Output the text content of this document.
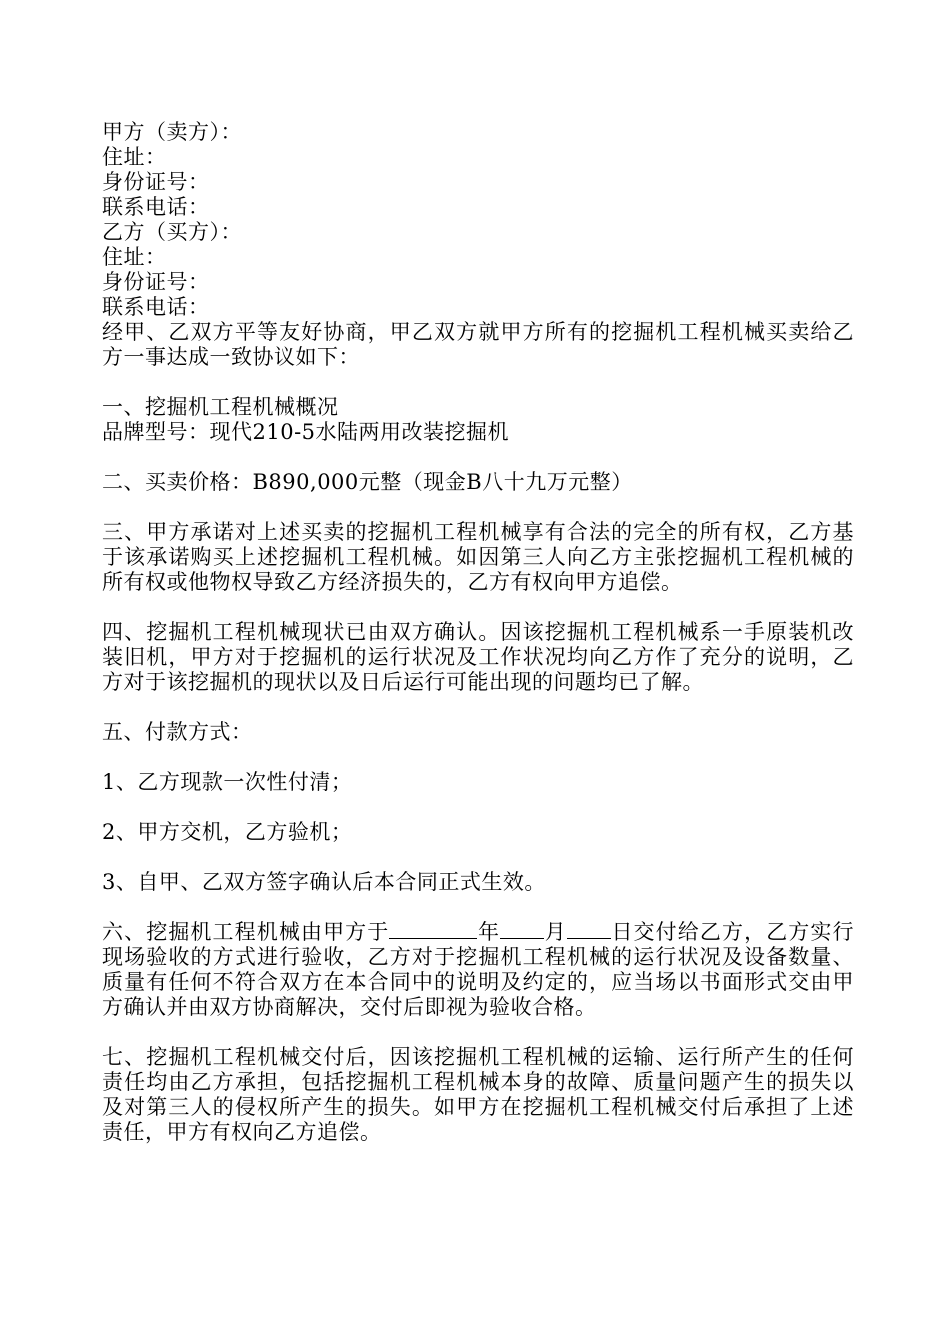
甲方（卖方）：
住址：
身份证号：
联系电话：
乙方（买方）：
住址：
身份证号：
联系电话：

经甲、乙双方平等友好协商，甲乙双方就甲方所有的挖掘机工程机械买卖给乙方一事达成一致协议如下：

一、挖掘机工程机械概况
品牌型号：现代210-5水陆两用改装挖掘机

二、买卖价格：B890,000元整（现金B八十九万元整）

三、甲方承诺对上述买卖的挖掘机工程机械享有合法的完全的所有权，乙方基于该承诺购买上述挖掘机工程机械。如因第三人向乙方主张挖掘机工程机械的所有权或他物权导致乙方经济损失的，乙方有权向甲方追偿。

四、挖掘机工程机械现状已由双方确认。因该挖掘机工程机械系一手原装机改装旧机，甲方对于挖掘机的运行状况及工作状况均向乙方作了充分的说明，乙方对于该挖掘机的现状以及日后运行可能出现的问题均已了解。

五、付款方式：
1、乙方现款一次性付清；
2、甲方交机，乙方验机；
3、自甲、乙双方签字确认后本合同正式生效。

六、挖掘机工程机械由甲方于	年 月 日交付给乙方，乙方实行现场验收的方式进行验收，乙方对于挖掘机工程机械的运行状况及设备数量、质量有任何不符合双方在本合同中的说明及约定的，应当场以书面形式交由甲方确认并由双方协商解决，交付后即视为验收合格。

七、挖掘机工程机械交付后，因该挖掘机工程机械的运输、运行所产生的任何责任均由乙方承担，包括挖掘机工程机械本身的故障、质量问题产生的损失以及对第三人的侵权所产生的损失。如甲方在挖掘机工程机械交付后承担了上述责任，甲方有权向乙方追偿。
